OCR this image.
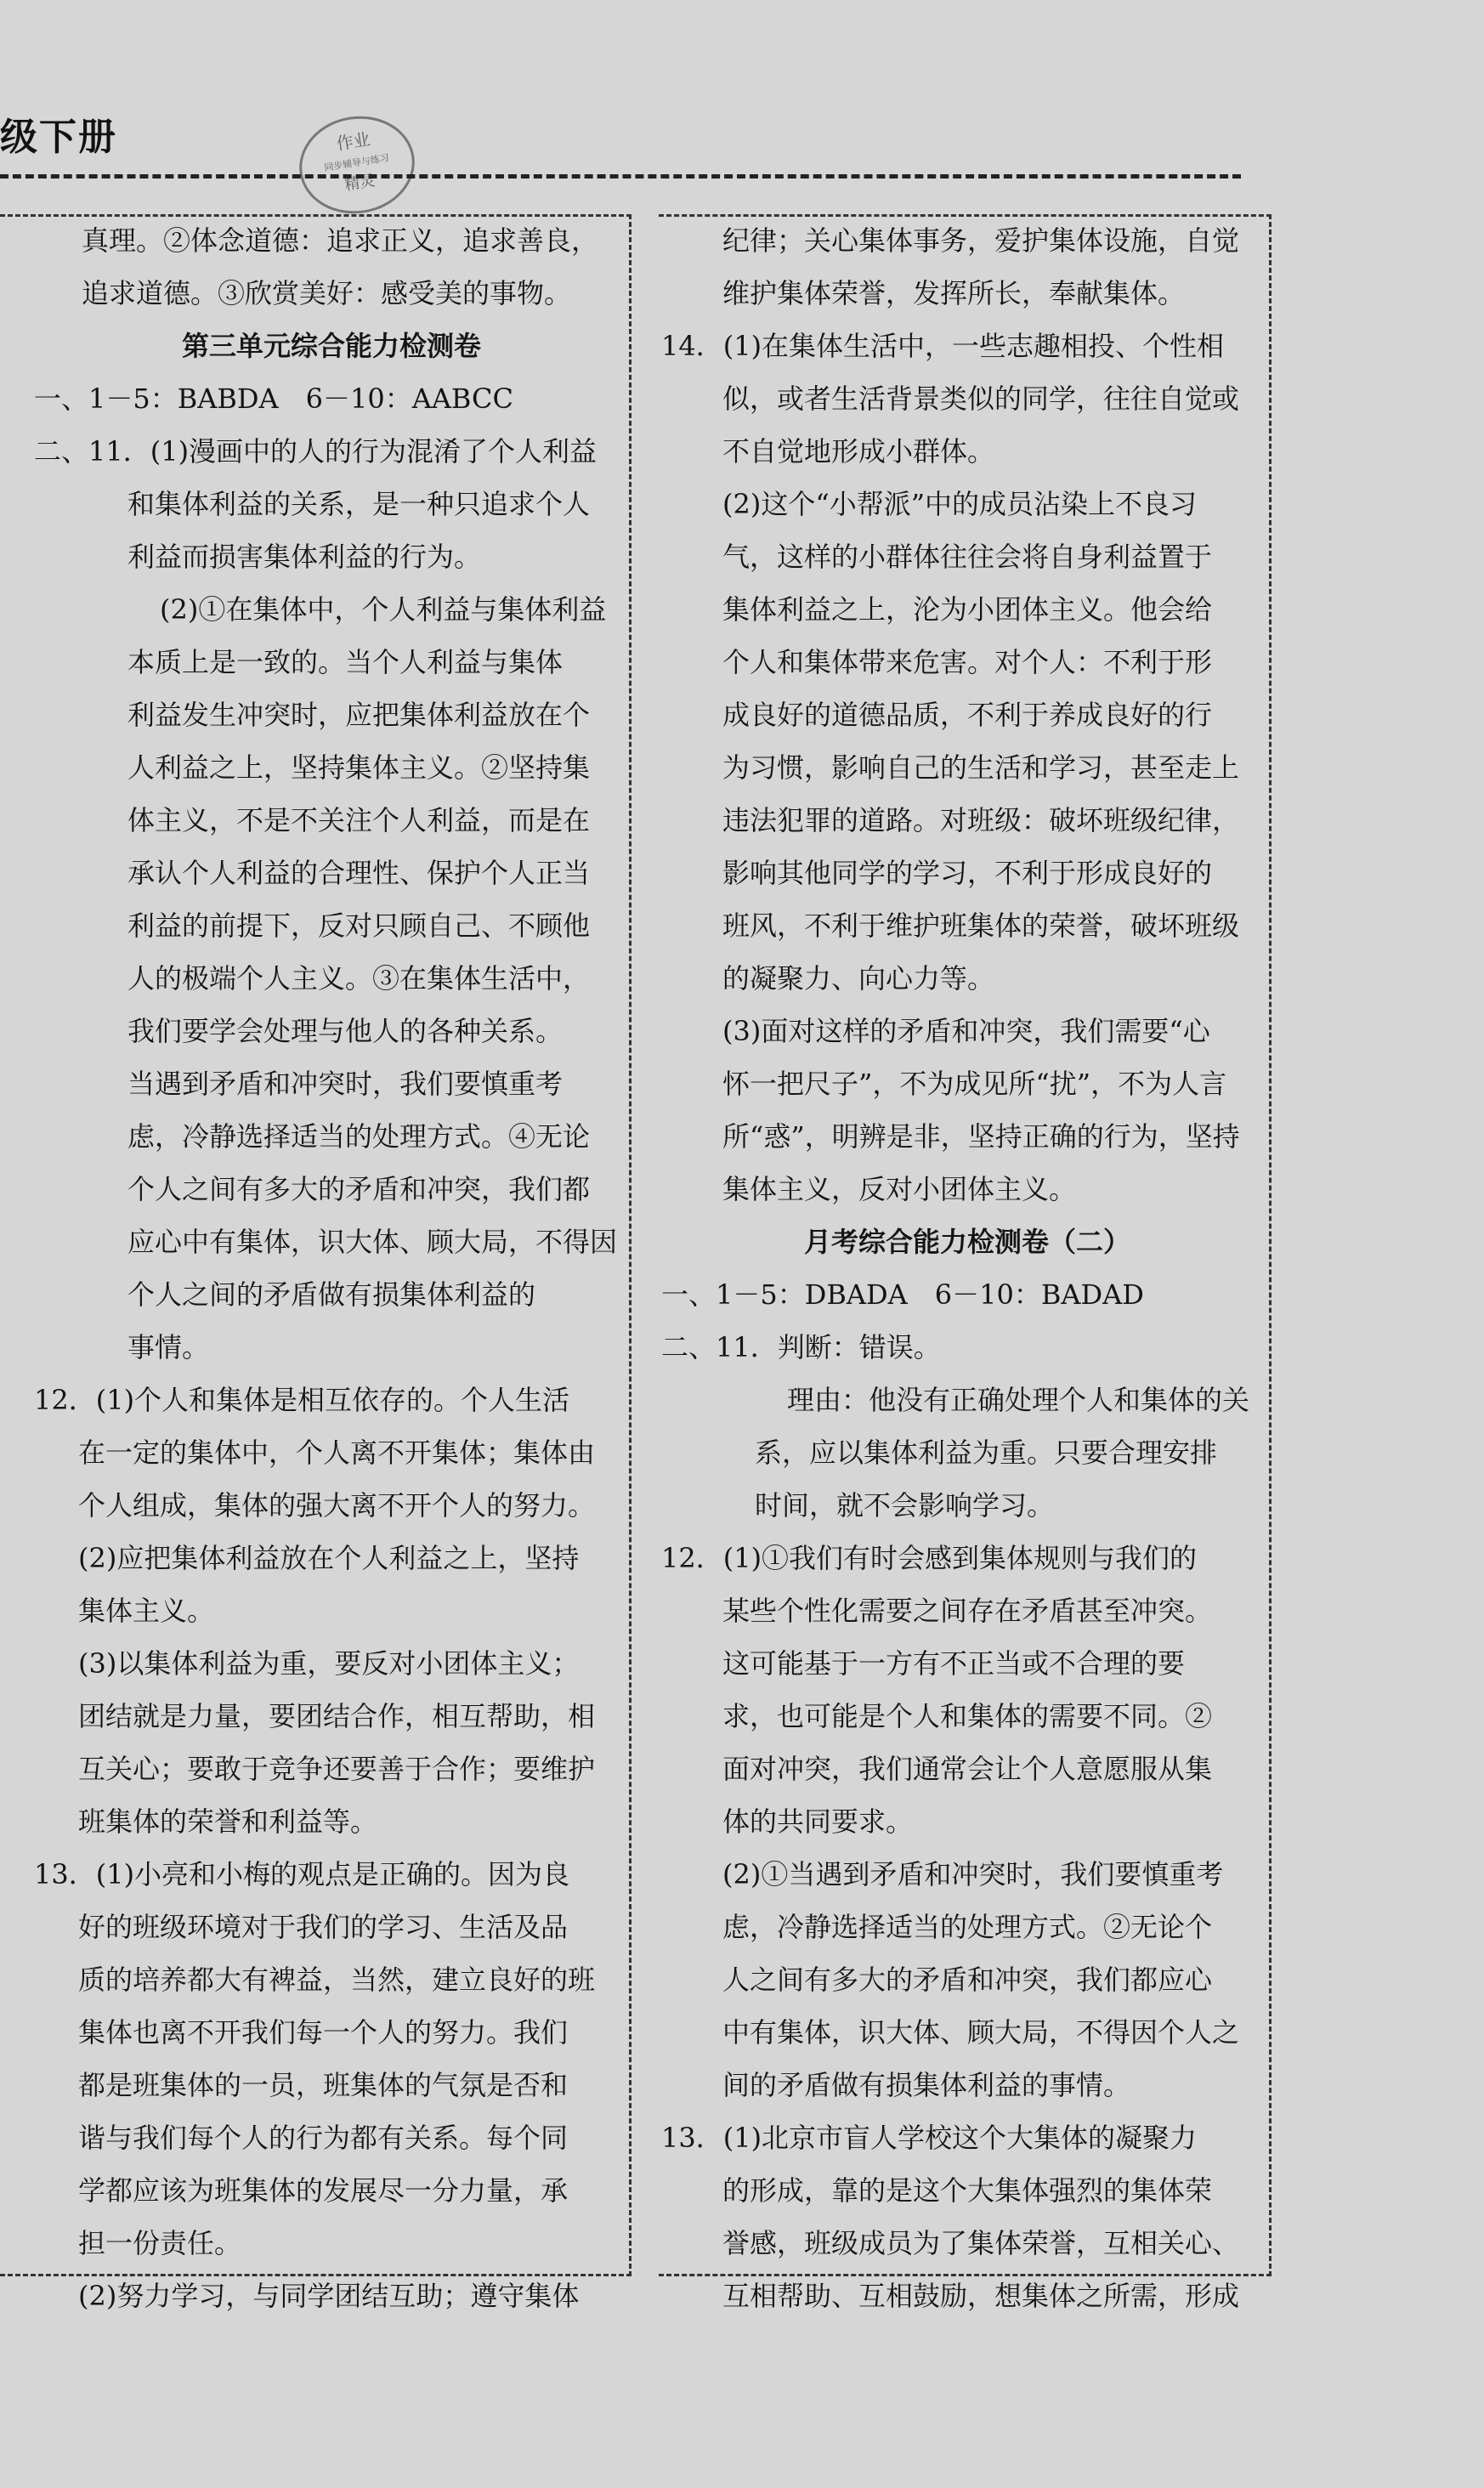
级下册	作业
同步辅导与练习
精灵
真理。②体念道德：追求正义，追求善良，
追求道德。③欣赏美好：感受美的事物。
第三单元综合能力检测卷
一、1－5：BABDA　6－10：AABCC
二、11．(1)漫画中的人的行为混淆了个人利益
和集体利益的关系，是一种只追求个人
利益而损害集体利益的行为。
(2)①在集体中，个人利益与集体利益
本质上是一致的。当个人利益与集体
利益发生冲突时，应把集体利益放在个
人利益之上，坚持集体主义。②坚持集
体主义，不是不关注个人利益，而是在
承认个人利益的合理性、保护个人正当
利益的前提下，反对只顾自己、不顾他
人的极端个人主义。③在集体生活中，
我们要学会处理与他人的各种关系。
当遇到矛盾和冲突时，我们要慎重考
虑，冷静选择适当的处理方式。④无论
个人之间有多大的矛盾和冲突，我们都
应心中有集体，识大体、顾大局，不得因
个人之间的矛盾做有损集体利益的
事情。
12．(1)个人和集体是相互依存的。个人生活
在一定的集体中，个人离不开集体；集体由
个人组成，集体的强大离不开个人的努力。
(2)应把集体利益放在个人利益之上，坚持
集体主义。
(3)以集体利益为重，要反对小团体主义；
团结就是力量，要团结合作，相互帮助，相
互关心；要敢于竞争还要善于合作；要维护
班集体的荣誉和利益等。
13．(1)小亮和小梅的观点是正确的。因为良
好的班级环境对于我们的学习、生活及品
质的培养都大有裨益，当然，建立良好的班
集体也离不开我们每一个人的努力。我们
都是班集体的一员，班集体的气氛是否和
谐与我们每个人的行为都有关系。每个同
学都应该为班集体的发展尽一分力量，承
担一份责任。
(2)努力学习，与同学团结互助；遵守集体
纪律；关心集体事务，爱护集体设施，自觉
维护集体荣誉，发挥所长，奉献集体。
14．(1)在集体生活中，一些志趣相投、个性相
似，或者生活背景类似的同学，往往自觉或
不自觉地形成小群体。
(2)这个“小帮派”中的成员沾染上不良习
气，这样的小群体往往会将自身利益置于
集体利益之上，沦为小团体主义。他会给
个人和集体带来危害。对个人：不利于形
成良好的道德品质，不利于养成良好的行
为习惯，影响自己的生活和学习，甚至走上
违法犯罪的道路。对班级：破坏班级纪律，
影响其他同学的学习，不利于形成良好的
班风，不利于维护班集体的荣誉，破坏班级
的凝聚力、向心力等。
(3)面对这样的矛盾和冲突，我们需要“心
怀一把尺子”，不为成见所“扰”，不为人言
所“惑”，明辨是非，坚持正确的行为，坚持
集体主义，反对小团体主义。
月考综合能力检测卷（二）
一、1－5：DBADA　6－10：BADAD
二、11．判断：错误。
理由：他没有正确处理个人和集体的关
系，应以集体利益为重。只要合理安排
时间，就不会影响学习。
12．(1)①我们有时会感到集体规则与我们的
某些个性化需要之间存在矛盾甚至冲突。
这可能基于一方有不正当或不合理的要
求，也可能是个人和集体的需要不同。②
面对冲突，我们通常会让个人意愿服从集
体的共同要求。
(2)①当遇到矛盾和冲突时，我们要慎重考
虑，冷静选择适当的处理方式。②无论个
人之间有多大的矛盾和冲突，我们都应心
中有集体，识大体、顾大局，不得因个人之
间的矛盾做有损集体利益的事情。
13．(1)北京市盲人学校这个大集体的凝聚力
的形成，靠的是这个大集体强烈的集体荣
誉感，班级成员为了集体荣誉，互相关心、
互相帮助、互相鼓励，想集体之所需，形成
